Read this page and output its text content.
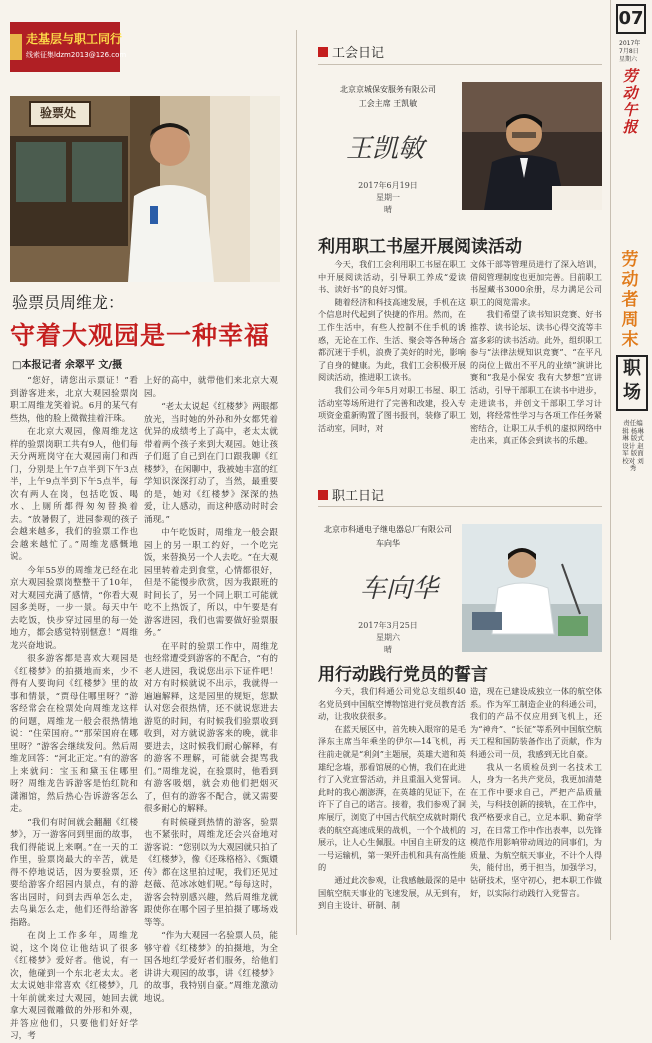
走基层与职工同行
线索征集ldzm2013@126.com
验票处
验票员周维龙：
守着大观园是一种幸福
□本报记者 余翠平 文/摄

“您好，请您出示票证！”看到游客进来，北京大观园验票岗职工周维龙笑着说。6月的某气有些热，他的脸上微微挂着汗珠。

在北京大观园，像周维龙这样的验票岗职工共有9人，他们每天分两班岗守在大观园南门和西门，分别是上午7点半到下午3点半，上午9点半到下午5点半，每次有两人在岗，包括吃饭、喝水、上厕所都得匆匆替换着去。“放暑假了，进园参观的孩子会越来越多，我们的验票工作也会越来越忙了。”周维龙感慨地说。

今年55岁的周维龙已经在北京大观园验票岗整整干了10年，对大观园充满了感情，“你看大观园多美呀，一步一景。每天中午去吃饭，快步穿过园里的每一处地方，都会感觉特别惬意！”周维龙兴奋地说。

很多游客都是喜欢大观园是《红楼梦》的拍摄地而来，少不得有人要询问《红楼梦》里的故事和情景，“贾母住哪里呀？”游客经常会在检票处向周维龙这样的问题，周维龙一般会很热情地说：“住荣国府。”“那荣国府在哪里呀？”游客会继续发问。然后周维龙回答：“河北正定。”有的游客上来就问：宝玉和黛玉住哪里呀？周维龙告诉游客是怡红院和潇湘馆，然后热心告诉游客怎么走。

“我们有时间就会翻翻《红楼梦》，万一游客问到里面的故事，我们得能说上来啊。”在一天的工作里，验票岗最大的辛苦，就是得不停地说话，因为要验票，还要给游客介绍园内景点，有的游客出园时，问到去西单怎么走，去鸟巢怎么走，他们还得给游客指路。

在岗上工作多年，周维龙说，这个岗位让他结识了很多《红楼梦》爱好者。他说，有一次，他碰到一个东北老太太。老太太说她非常喜欢《红楼梦》，几十年前就来过大观园，她回去就拿大观园微雕做的外形和外观，并答应他们，只要他们好好学习，考

上好的高中，就带他们来北京大观园。

“老太太说起《红楼梦》两眼都放光，当时她的外孙和外女都凭着优异的成绩考上了高中，老太太就带着两个孩子来到大观园。她让孩子们逛了自己到在门口跟我聊《红楼梦》，在闲聊中，我被她丰富的红学知识深深打动了，当然，最重要的是，她对《红楼梦》深深的热爱，让人感动，而这种感动时时会涌现。”

中午吃饭时，周维龙一般会跟园上的另一职工约好，一个吃完饭，来替换另一个人去吃。“在大观园里转着走到食堂，心情都很好，但是不能慢步欣赏，因为我跟班的时间长了，另一个同上职工可能就吃不上热饭了，所以，中午要是有游客进园，我们也需要做好验票服务。”

在平时的验票工作中，周维龙也经常遭受到游客的不配合，“有的老人进园，我说您出示下证件吧！对方有时候就说不出示，我就得一遍遍解释，这是园里的规矩，您默认对您会很热情，还不就说您进去游览的时间，有时候我们验票收到收到，对方就说游客来的晚，就非要进去，这时候我们耐心解释，有的游客不理解，可能就会提骂我们。”周维龙说，在验票时，他看到有游客吸烟，就会劝他们把烟灭了，但有的游客不配合，就又需要很多耐心的解释。

有时候碰到热情的游客，验票也不紧张时，周维龙还会兴奋地对游客说：“您别以为大观园就只拍了《红楼梦》，像《还珠格格》、《甄嬛传》都在这里拍过呢，我们还见过赵薇、范冰冰她们呢。”每每这时，游客会特别感兴趣，然后周维龙就跟使你在哪个园子里拍摄了哪场戏等等。

“作为大观园一名验票人员，能够守着《红楼梦》的拍摄地，为全国各地红学爱好者们服务，给他们讲讲大观园的故事，讲《红楼梦》的故事，我特别自豪。”周维龙激动地说。

工会日记
北京京城保安服务有限公司
工会主席 王凯敏
王凯敏
2017年6月19日
星期一
晴
利用职工书屋开展阅读活动

今天，我们工会利用职工书屋在职工中开展阅读活动，引导职工养成“爱读书、读好书”的良好习惯。

随着经济和科技高速发展，手机在这个信息时代起到了快捷的作用。然而，在工作生活中，有些人控制不住手机的诱惑，无论在工作、生活、聚会等各种场合都沉迷于手机，浪费了美好的时光，影响了自身的健康。为此，我们工会积极开展阅读活动，推进职工读书。

我们公司今年5月对职工书屋、职工活动室等场所进行了完善和改建，投入专项资金重新购置了图书报刊，装修了职工活动室，同时，对

文体干部等管理员进行了深入培训，借阅管理制度也更加完善。目前职工书屋藏书3000余册，尽力满足公司职工的阅览需求。

我们希望了读书知识竞赛、好书推荐、读书论坛、读书心得交流等丰富多彩的读书活动。此外，组织职工参与“法律法规知识竞赛”、“在平凡的岗位上做出不平凡的业绩”演讲比赛和“我是小保安 我有大梦想”宣讲活动，引导干部职工在读书中进步，走进读书，并创文干部职工学习计划，将经常性学习与各项工作任务紧密结合，让职工从手机的虚拟网络中走出来，真正体会到读书的乐趣。

职工日记
北京市科通电子继电器总厂有限公司
车向华
车向华
2017年3月25日
星期六
晴
用行动践行党员的誓言

今天，我们科通公司党总支组织40名党员到中国航空博物馆进行党员教育活动，让我收获很多。

在蓝天展区中，首先映入眼帘的是毛泽东主席当年乘坐的伊尔—14飞机，再往前走就是“利剑”主题展，英雄大道和英雄纪念墙，那看馆展的心情，我们在此进行了入党宣誓活动，并且重温入党誓词。此时的我心潮澎湃，在英雄的见证下，在许下了自己的诺言。接着，我们参观了洞库展厅，浏览了中国古代航空成就时期代表的航空高速成果的战机，一个个战机的展示，让人心生佩服。中国自主研发的这一号运输机，第一架歼击机和具有高性能的

通过此次参观，让我感触最深的是中国航空航天事业的飞速发展，从无到有，到自主设计、研制、制

造，现在已建设成独立一体的航空体系。作为军工制造企业的科通公司，我们的产品不仅应用到飞机上，还为“神舟”、“长征”等系列中国航空航天工程和国防装备作出了贡献，作为科通公司一员，我感到无比自豪。

我从一名质检员到一名技术工人，身为一名共产党员，我更加清楚在工作中要求自己，严把产品质量关，与科技创新的接轨，在工作中，我严格要求自己，立足本职、勤奋学习，在日常工作中作出表率，以先锋模范作用影响带动周边的同事们，为质量、为航空航天事业，不计个人得失，能付出，勇于担当，加强学习，钻研技术，坚守初心，把本职工作做好，以实际行动践行入党誓言。

07
2017年
7月8日
星期六
劳动午报
劳动者周末
职场
责任编辑 杨琳琳 版式设计 赵军 版面校对 刘秀
